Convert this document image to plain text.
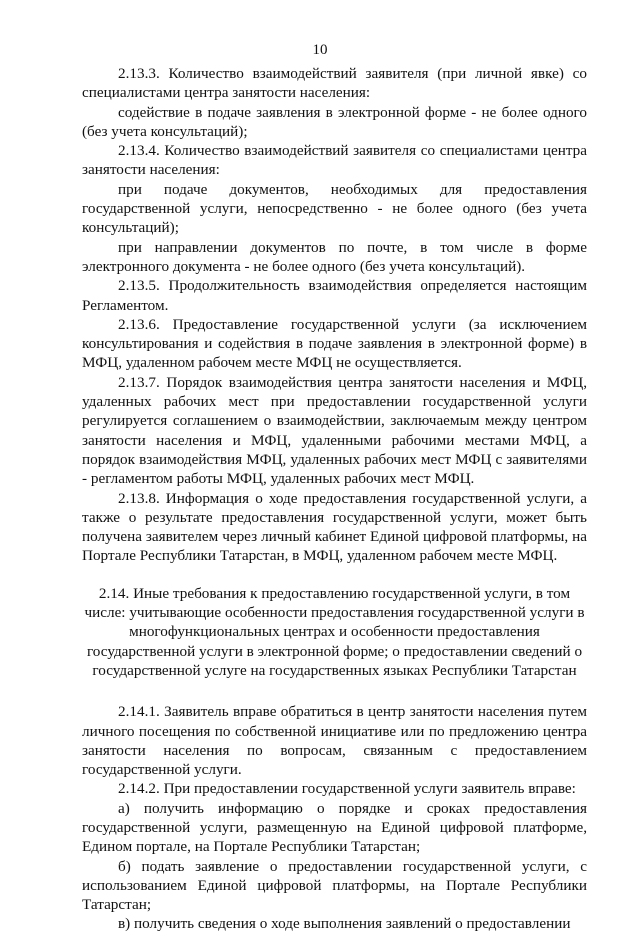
10

2.13.3. Количество взаимодействий заявителя (при личной явке) со специалистами центра занятости населения:

содействие в подаче заявления в электронной форме - не более одного (без учета консультаций);

2.13.4. Количество взаимодействий заявителя со специалистами центра занятости населения:

при подаче документов, необходимых для предоставления государственной услуги, непосредственно - не более одного (без учета консультаций);

при направлении документов по почте, в том числе в форме электронного документа - не более одного (без учета консультаций).

2.13.5. Продолжительность взаимодействия определяется настоящим Регламентом.

2.13.6. Предоставление государственной услуги (за исключением консультирования и содействия в подаче заявления в электронной форме) в МФЦ, удаленном рабочем месте МФЦ не осуществляется.

2.13.7. Порядок взаимодействия центра занятости населения и МФЦ, удаленных рабочих мест при предоставлении государственной услуги регулируется соглашением о взаимодействии, заключаемым между центром занятости населения и МФЦ, удаленными рабочими местами МФЦ, а порядок взаимодействия МФЦ, удаленных рабочих мест МФЦ с заявителями - регламентом работы МФЦ, удаленных рабочих мест МФЦ.

2.13.8. Информация о ходе предоставления государственной услуги, а также о результате предоставления государственной услуги, может быть получена заявителем через личный кабинет Единой цифровой платформы, на Портале Республики Татарстан, в МФЦ, удаленном рабочем месте МФЦ.

2.14. Иные требования к предоставлению государственной услуги, в том числе: учитывающие особенности предоставления государственной услуги в многофункциональных центрах и особенности предоставления государственной услуги в электронной форме; о предоставлении сведений о государственной услуге на государственных языках Республики Татарстан

2.14.1. Заявитель вправе обратиться в центр занятости населения путем личного посещения по собственной инициативе или по предложению центра занятости населения по вопросам, связанным с предоставлением государственной услуги.

2.14.2. При предоставлении государственной услуги заявитель вправе:

а) получить информацию о порядке и сроках предоставления государственной услуги, размещенную на Единой цифровой платформе, Едином портале, на Портале Республики Татарстан;

б) подать заявление о предоставлении государственной услуги, с использованием Единой цифровой платформы, на Портале Республики Татарстан;

в) получить сведения о ходе выполнения заявлений о предоставлении
